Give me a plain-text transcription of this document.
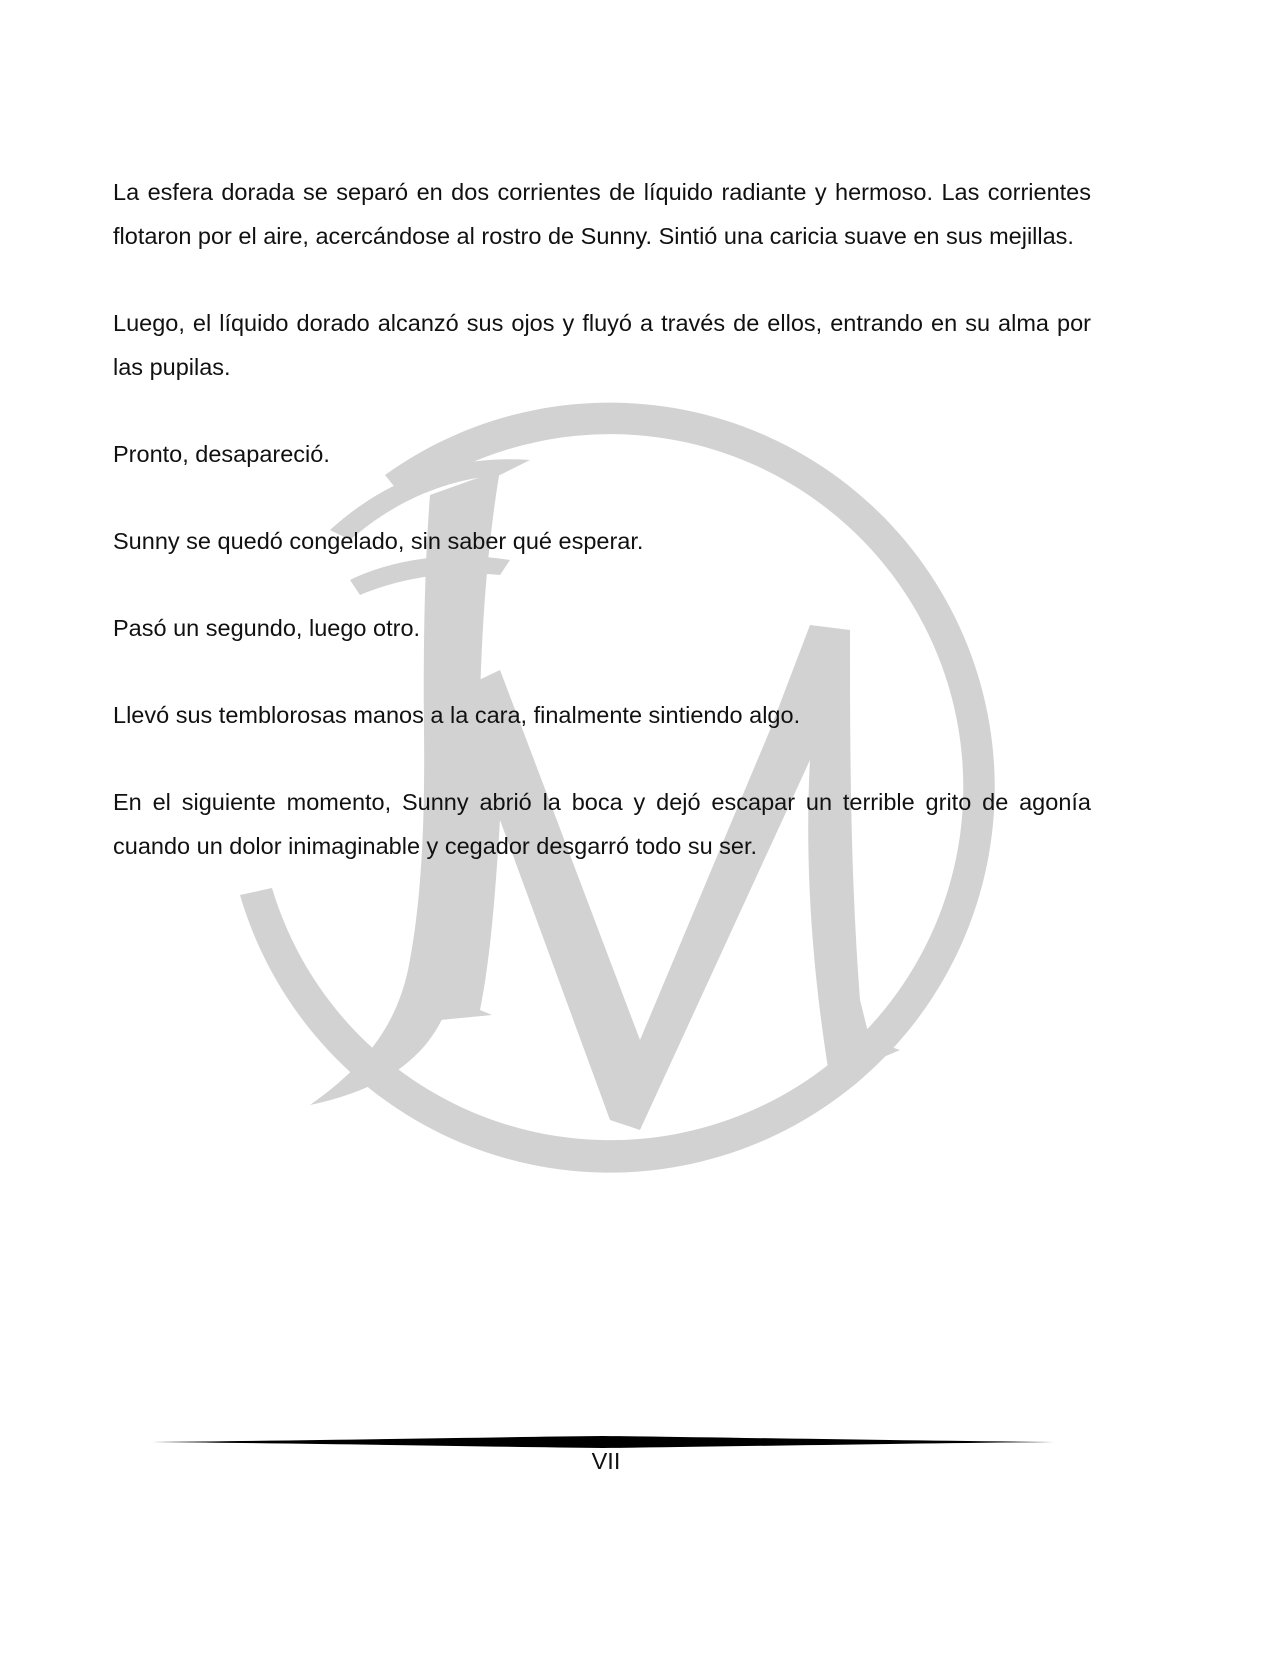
La esfera dorada se separó en dos corrientes de líquido radiante y hermoso. Las corrientes flotaron por el aire, acercándose al rostro de Sunny. Sintió una caricia suave en sus mejillas.

Luego, el líquido dorado alcanzó sus ojos y fluyó a través de ellos, entrando en su alma por las pupilas.

Pronto, desapareció.

Sunny se quedó congelado, sin saber qué esperar.

Pasó un segundo, luego otro.

Llevó sus temblorosas manos a la cara, finalmente sintiendo algo.

En el siguiente momento, Sunny abrió la boca y dejó escapar un terrible grito de agonía cuando un dolor inimaginable y cegador desgarró todo su ser.

VII
